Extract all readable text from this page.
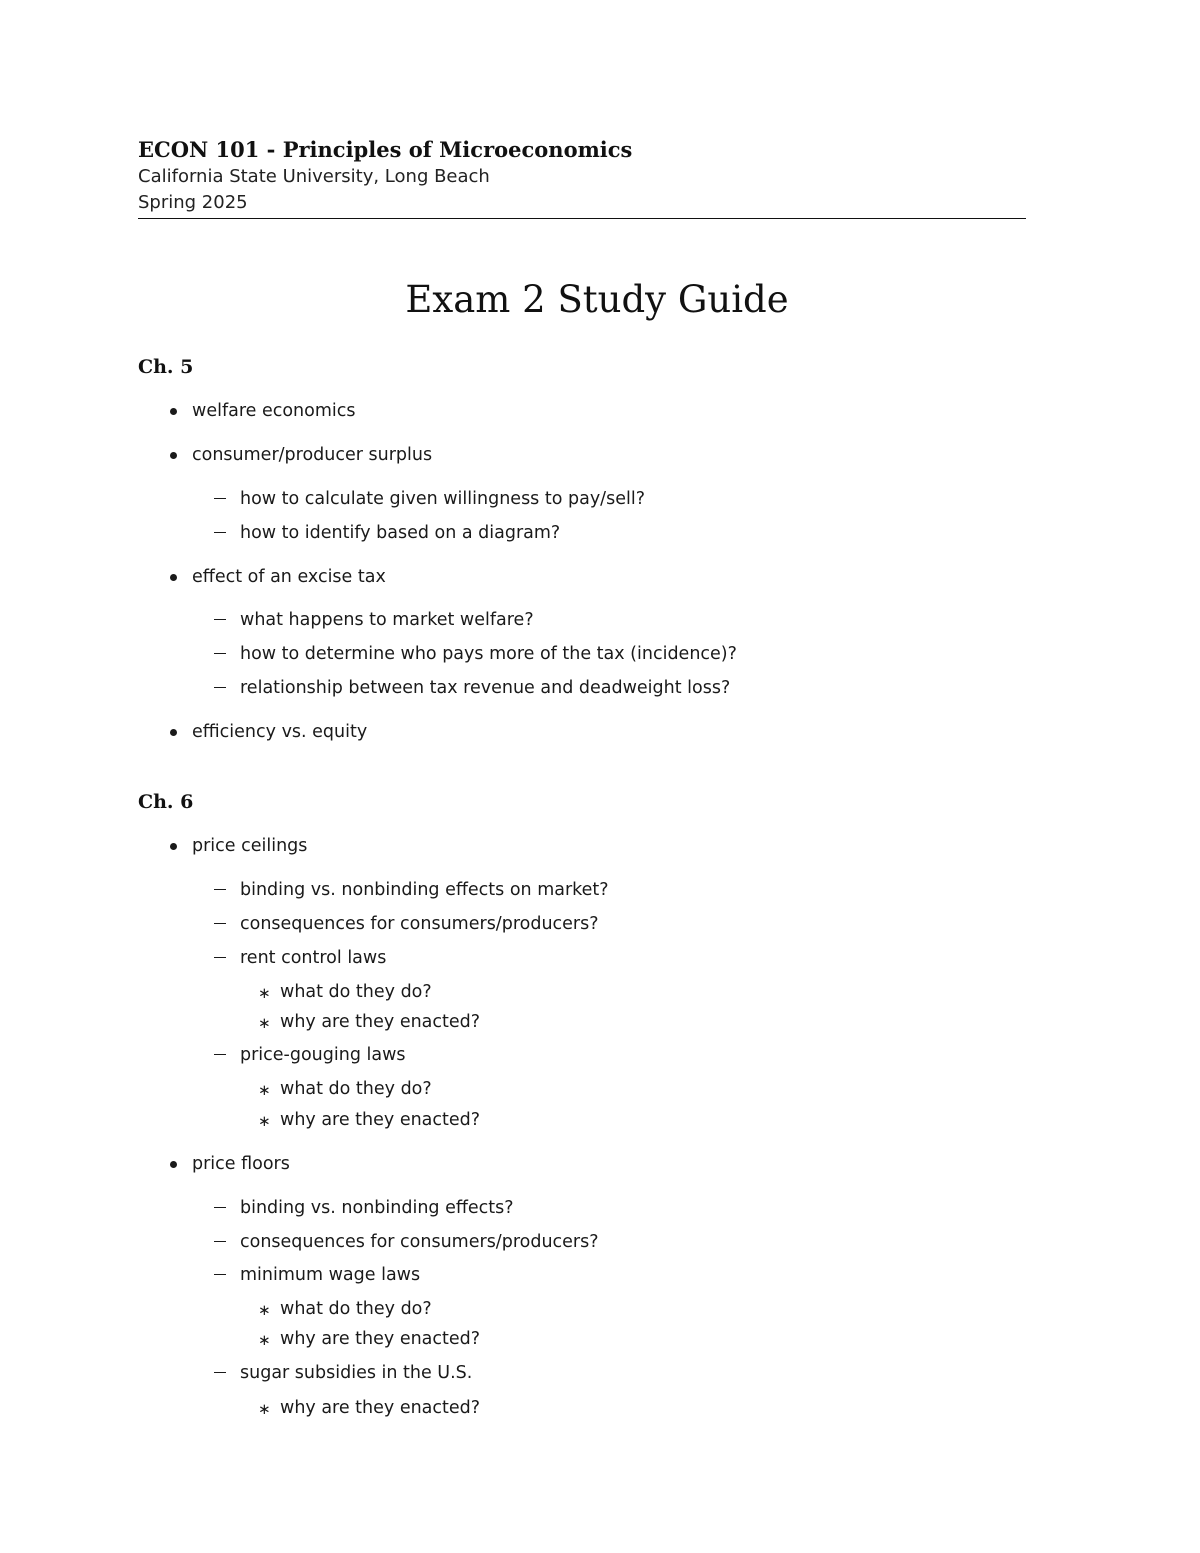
ECON 101 - Principles of Microeconomics
California State University, Long Beach
Spring 2025
Exam 2 Study Guide
Ch. 5
welfare economics
consumer/producer surplus
how to calculate given willingness to pay/sell?
how to identify based on a diagram?
effect of an excise tax
what happens to market welfare?
how to determine who pays more of the tax (incidence)?
relationship between tax revenue and deadweight loss?
efficiency vs. equity
Ch. 6
price ceilings
binding vs. nonbinding effects on market?
consequences for consumers/producers?
rent control laws
∗ what do they do?
∗ why are they enacted?
price-gouging laws
∗ what do they do?
∗ why are they enacted?
price floors
binding vs. nonbinding effects?
consequences for consumers/producers?
minimum wage laws
∗ what do they do?
∗ why are they enacted?
sugar subsidies in the U.S.
∗ why are they enacted?
